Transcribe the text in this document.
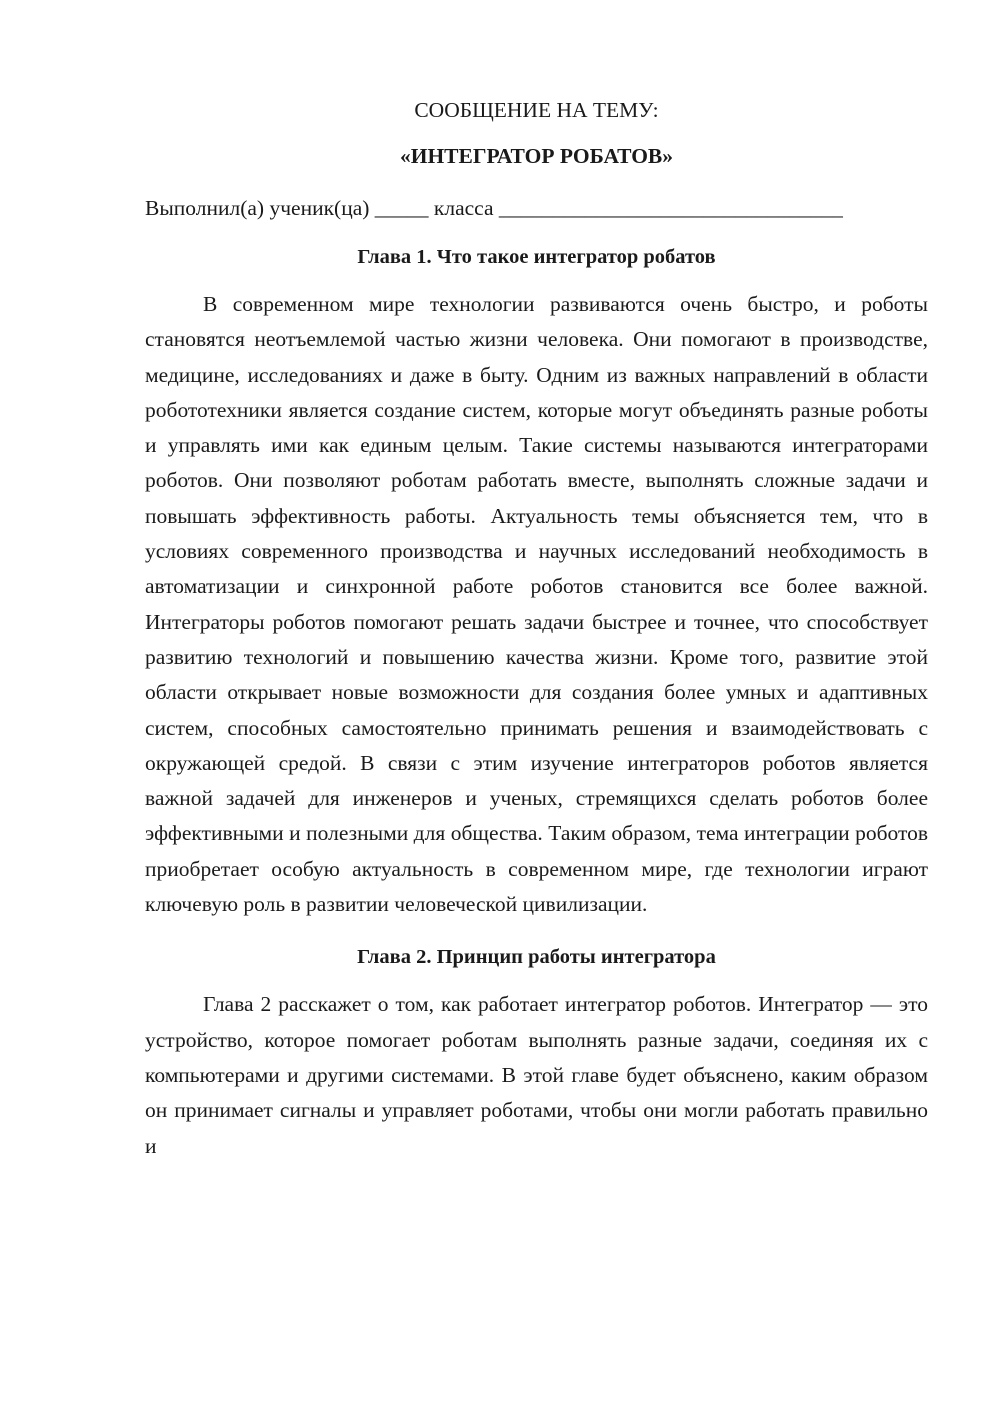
СООБЩЕНИЕ НА ТЕМУ:

«ИНТЕГРАТОР РОБАТОВ»

Выполнил(а) ученик(ца) _____ класса ________________________________

Глава 1. Что такое интегратор робатов

В современном мире технологии развиваются очень быстро, и роботы становятся неотъемлемой частью жизни человека. Они помогают в производстве, медицине, исследованиях и даже в быту. Одним из важных направлений в области робототехники является создание систем, которые могут объединять разные роботы и управлять ими как единым целым. Такие системы называются интеграторами роботов. Они позволяют роботам работать вместе, выполнять сложные задачи и повышать эффективность работы. Актуальность темы объясняется тем, что в условиях современного производства и научных исследований необходимость в автоматизации и синхронной работе роботов становится все более важной. Интеграторы роботов помогают решать задачи быстрее и точнее, что способствует развитию технологий и повышению качества жизни. Кроме того, развитие этой области открывает новые возможности для создания более умных и адаптивных систем, способных самостоятельно принимать решения и взаимодействовать с окружающей средой. В связи с этим изучение интеграторов роботов является важной задачей для инженеров и ученых, стремящихся сделать роботов более эффективными и полезными для общества. Таким образом, тема интеграции роботов приобретает особую актуальность в современном мире, где технологии играют ключевую роль в развитии человеческой цивилизации.

Глава 2. Принцип работы интегратора

Глава 2 расскажет о том, как работает интегратор роботов. Интегратор — это устройство, которое помогает роботам выполнять разные задачи, соединяя их с компьютерами и другими системами. В этой главе будет объяснено, каким образом он принимает сигналы и управляет роботами, чтобы они могли работать правильно и
